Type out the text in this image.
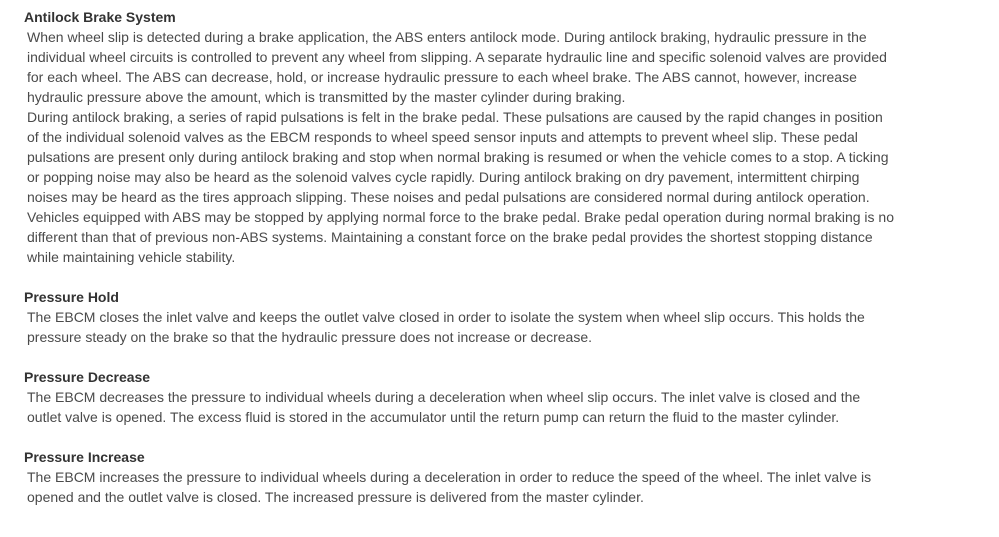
Antilock Brake System

When wheel slip is detected during a brake application, the ABS enters antilock mode. During antilock braking, hydraulic pressure in the individual wheel circuits is controlled to prevent any wheel from slipping. A separate hydraulic line and specific solenoid valves are provided for each wheel. The ABS can decrease, hold, or increase hydraulic pressure to each wheel brake. The ABS cannot, however, increase hydraulic pressure above the amount, which is transmitted by the master cylinder during braking.

During antilock braking, a series of rapid pulsations is felt in the brake pedal. These pulsations are caused by the rapid changes in position of the individual solenoid valves as the EBCM responds to wheel speed sensor inputs and attempts to prevent wheel slip. These pedal pulsations are present only during antilock braking and stop when normal braking is resumed or when the vehicle comes to a stop. A ticking or popping noise may also be heard as the solenoid valves cycle rapidly. During antilock braking on dry pavement, intermittent chirping noises may be heard as the tires approach slipping. These noises and pedal pulsations are considered normal during antilock operation.

Vehicles equipped with ABS may be stopped by applying normal force to the brake pedal. Brake pedal operation during normal braking is no different than that of previous non-ABS systems. Maintaining a constant force on the brake pedal provides the shortest stopping distance while maintaining vehicle stability.

Pressure Hold

The EBCM closes the inlet valve and keeps the outlet valve closed in order to isolate the system when wheel slip occurs. This holds the pressure steady on the brake so that the hydraulic pressure does not increase or decrease.

Pressure Decrease

The EBCM decreases the pressure to individual wheels during a deceleration when wheel slip occurs. The inlet valve is closed and the outlet valve is opened. The excess fluid is stored in the accumulator until the return pump can return the fluid to the master cylinder.

Pressure Increase

The EBCM increases the pressure to individual wheels during a deceleration in order to reduce the speed of the wheel. The inlet valve is opened and the outlet valve is closed. The increased pressure is delivered from the master cylinder.
